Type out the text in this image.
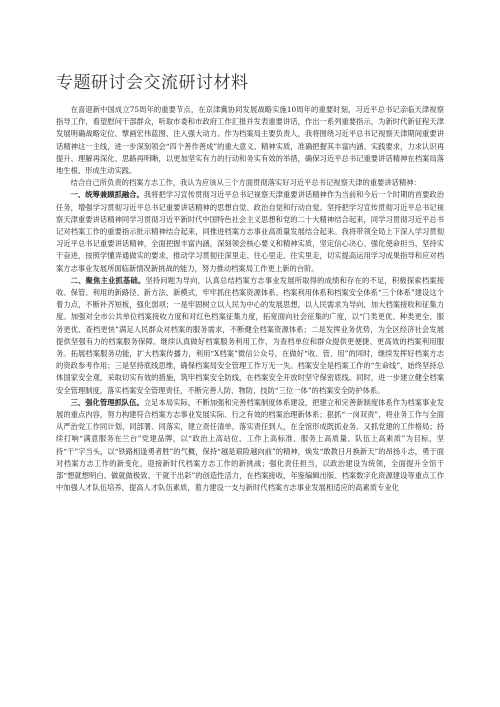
专题研讨会交流研讨材料

在喜迎新中国成立75周年的重要节点，在京津冀协同发展战略实施10周年的重要时刻，习近平总书记亲临天津视察指导工作，看望慰问干部群众，听取市委和市政府工作汇报并发表重要讲话，作出一系列重要指示，为新时代新征程天津发展明确战略定位、擘画宏伟蓝图、注入强大动力。作为档案局主要负责人，我将围绕习近平总书记视察天津期间重要讲话精神这一主线，进一步深刻领会“四个善作善成”的重大意义、精神实质，准确把握其丰富内涵、实践要求，力求认识再提升、理解再深化、思路再明晰，以更加坚实有力的行动和务实有效的举措，确保习近平总书记重要讲话精神在档案局落地生根、形成生动实践。

结合自己所负责的档案方志工作，我认为应该从三个方面贯彻落实好习近平总书记视察天津的重要讲话精神：

一、统筹兼顾抓融合。我将把学习宣传贯彻习近平总书记视察天津重要讲话精神作为当前和今后一个时期的首要政治任务，增强学习贯彻习近平总书记重要讲话精神的思想自觉、政治自觉和行动自觉。坚持把学习宣传贯彻习近平总书记视察天津重要讲话精神同学习贯彻习近平新时代中国特色社会主义思想和党的二十大精神结合起来，同学习贯彻习近平总书记对档案工作的重要指示批示精神结合起来，同推进档案方志事业高质量发展结合起来。我将带领全局上下深入学习贯彻习近平总书记重要讲话精神，全面把握丰富内涵，深刻领会核心要义和精神实质，坚定信心决心、强化使命担当、坚持实干奋进，按照学懂弄通做实的要求，推动学习贯彻往深里走、往心里走、往实里走，切实提高运用学习成果指导和应对档案方志事业发展所面临新情况新挑战的能力，努力推动档案局工作更上新的台阶。

二、聚焦主业抓基础。坚持问题为导向，认真总结档案方志事业发展所取得的成绩和存在的不足，积极探索档案接收、保管、利用的新路径、新方法、新模式，牢牢抓住档案资源体系、档案利用体系和档案安全体系“三个体系”建设这个着力点，不断补齐短板，强化弱项；一是牢固树立以人民为中心的发展思想，以人民需求为导向，加大档案接收和征集力度。加强对全市公共单位档案接收力度和对红色档案征集力度，拓宽面向社会征集的广度，以“门类更优、种类更全、服务更优、查档更快”满足人民群众对档案的服务需求，不断健全档案资源体系；二是发挥业务优势，为全区经济社会发展提供坚强有力的档案服务保障。继续认真做好档案服务利用工作，为查档单位和群众提供更便捷、更高效的档案利用服务。拓展档案服务功能，扩大档案传播力，利用“X档案”微信公众号，在做好“收、管、用”的同时，继续发挥好档案方志的资政参考作用；三是坚持底线思维，确保档案局安全管理工作万无一失。档案安全是档案工作的“生命线”，始终坚持总体国家安全观，采取切实有效的措施，筑牢档案安全防线，在档案安全开放时坚守保密底线。同时，进一步建立健全档案安全管理制度，落实档案安全管理责任，不断完善人防、物防、技防“三位一体”的档案安全防护体系。

三、强化管理抓队伍。立足本局实际，不断加强和完善档案制度体系建设，把建立和完善新制度体系作为档案事业发展的重点内容，努力构建符合档案方志事业发展实际、行之有效的档案治理新体系；狠抓“一岗双责”，将业务工作与全面从严治党工作同计划、同部署、同落实，建立责任清单，落实责任到人，在全馆形成既抓业务、又抓党建的工作格局；持续打响“满意服务在兰台”党建品牌，以“政治上高站位、工作上高标准、服务上高质量、队伍上高素质”为目标，坚持“干”字当头，以“铁路相逢勇者胜”的气概，保持“越是艰险越向前”的精神，焕发“敢教日月换新天”的昂扬斗志，勇于面对档案方志工作的新变化，迎接新时代档案方志工作的新挑战；强化责任担当，以政治建设为统领，全面提升全馆干部“想就想明白、做就做极致、干就干出彩”的创造性活力，在档案接收、年鉴编辑出版、档案数字化资源建设等重点工作中加强人才队伍培养，提高人才队伍素质，着力建设一支与新时代档案方志事业发展相适应的高素质专业化
